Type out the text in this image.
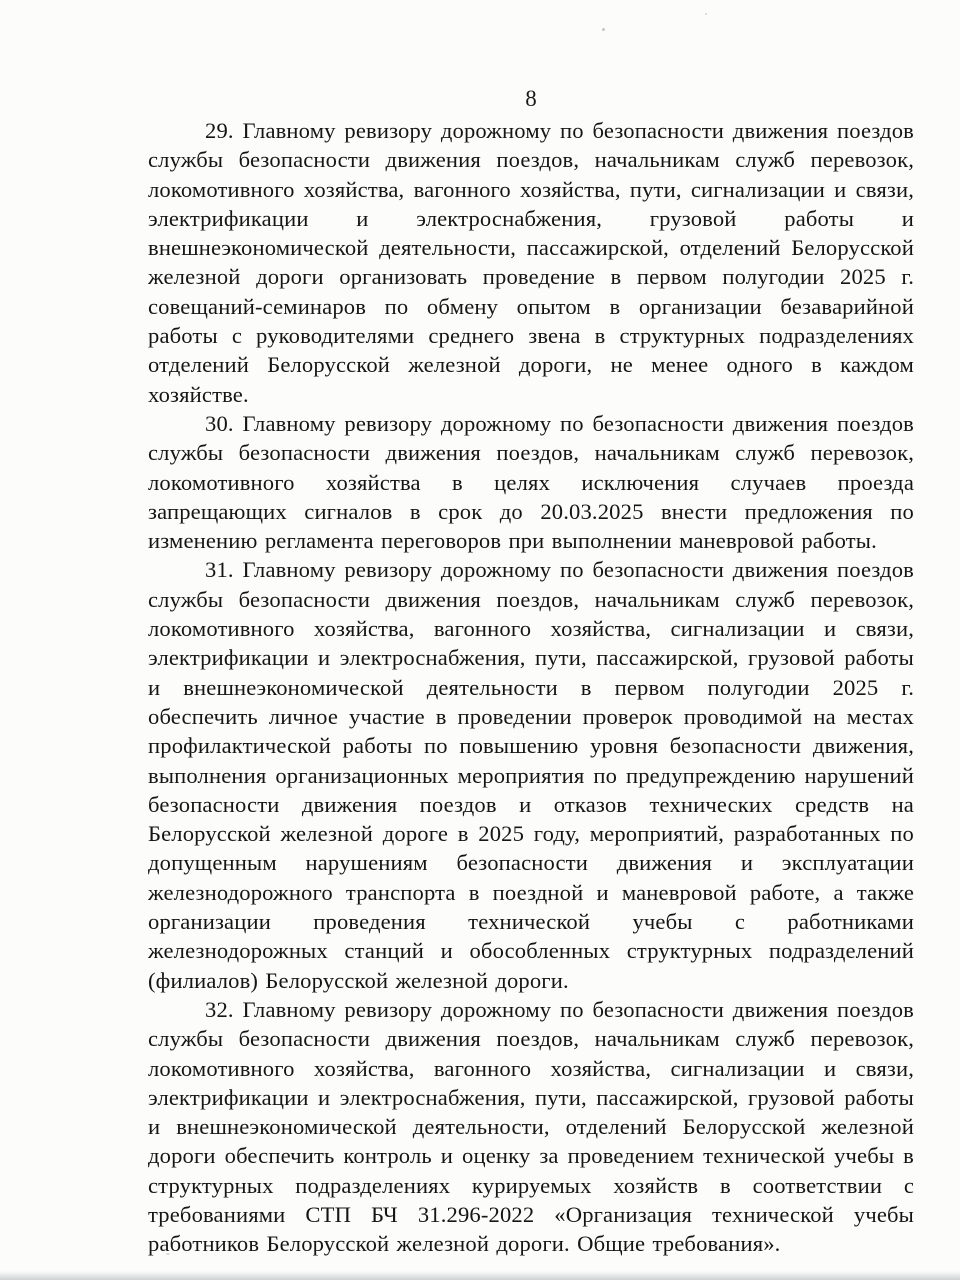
8

29. Главному ревизору дорожному по безопасности движения поездов службы безопасности движения поездов, начальникам служб перевозок, локомотивного хозяйства, вагонного хозяйства, пути, сигнализации и связи, электрификации и электроснабжения, грузовой работы и внешнеэкономической деятельности, пассажирской, отделений Белорусской железной дороги организовать проведение в первом полугодии 2025 г. совещаний-семинаров по обмену опытом в организации безаварийной работы с руководителями среднего звена в структурных подразделениях отделений Белорусской железной дороги, не менее одного в каждом хозяйстве.

30. Главному ревизору дорожному по безопасности движения поездов службы безопасности движения поездов, начальникам служб перевозок, локомотивного хозяйства в целях исключения случаев проезда запрещающих сигналов в срок до 20.03.2025 внести предложения по изменению регламента переговоров при выполнении маневровой работы.

31. Главному ревизору дорожному по безопасности движения поездов службы безопасности движения поездов, начальникам служб перевозок, локомотивного хозяйства, вагонного хозяйства, сигнализации и связи, электрификации и электроснабжения, пути, пассажирской, грузовой работы и внешнеэкономической деятельности в первом полугодии 2025 г. обеспечить личное участие в проведении проверок проводимой на местах профилактической работы по повышению уровня безопасности движения, выполнения организационных мероприятия по предупреждению нарушений безопасности движения поездов и отказов технических средств на Белорусской железной дороге в 2025 году, мероприятий, разработанных по допущенным нарушениям безопасности движения и эксплуатации железнодорожного транспорта в поездной и маневровой работе, а также организации проведения технической учебы с работниками железнодорожных станций и обособленных структурных подразделений (филиалов) Белорусской железной дороги.

32. Главному ревизору дорожному по безопасности движения поездов службы безопасности движения поездов, начальникам служб перевозок, локомотивного хозяйства, вагонного хозяйства, сигнализации и связи, электрификации и электроснабжения, пути, пассажирской, грузовой работы и внешнеэкономической деятельности, отделений Белорусской железной дороги обеспечить контроль и оценку за проведением технической учебы в структурных подразделениях курируемых хозяйств в соответствии с требованиями СТП БЧ 31.296-2022 «Организация технической учебы работников Белорусской железной дороги. Общие требования».
